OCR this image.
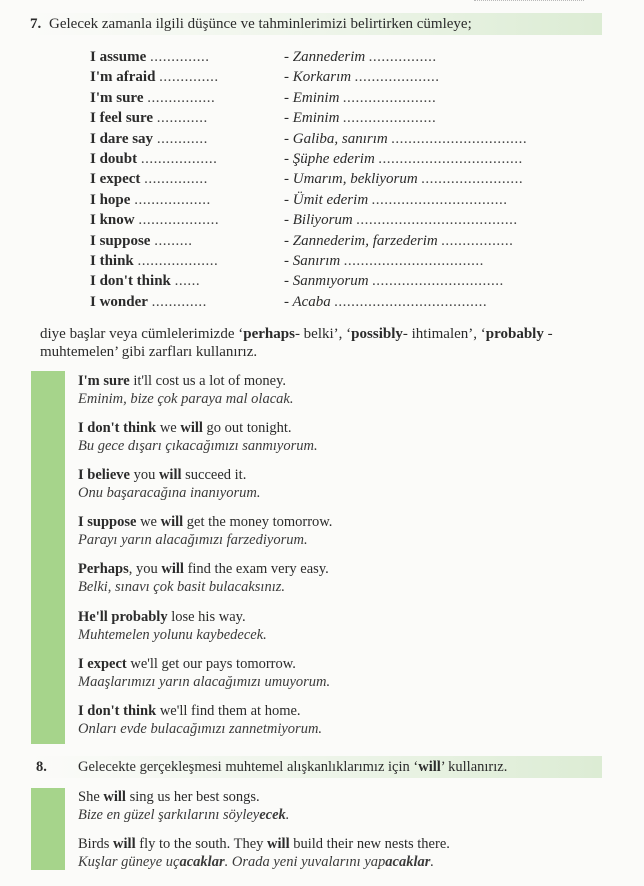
7. Gelecek zamanla ilgili düşünce ve tahminlerimizi belirtirken cümleye;
I assume ..............	- Zannederim ................
I'm afraid ..............	- Korkarım ....................
I'm sure ................	- Eminim ......................
I feel sure ............	- Eminim ......................
I dare say ............	- Galiba, sanırım ................................
I doubt ..................	- Şüphe ederim ..................................
I expect ...............	- Umarım, bekliyorum ........................
I hope ..................	- Ümit ederim ................................
I know ...................	- Biliyorum ......................................
I suppose .........	- Zannederim, farzederim .................
I think ...................	- Sanırım .................................
I don't think ......	- Sanmıyorum ...............................
I wonder .............	- Acaba ....................................
diye başlar veya cümlelerimizde ‘perhaps- belki’, ‘possibly- ihtimalen’, ‘probably - muhtemelen’ gibi zarfları kullanırız.
I'm sure it'll cost us a lot of money.
Eminim, bize çok paraya mal olacak.
I don't think we will go out tonight.
Bu gece dışarı çıkacağımızı sanmıyorum.
I believe you will succeed it.
Onu başaracağına inanıyorum.
I suppose we will get the money tomorrow.
Parayı yarın alacağımızı farzediyorum.
Perhaps, you will find the exam very easy.
Belki, sınavı çok basit bulacaksınız.
He'll probably lose his way.
Muhtemelen yolunu kaybedecek.
I expect we'll get our pays tomorrow.
Maaşlarımızı yarın alacağımızı umuyorum.
I don't think we'll find them at home.
Onları evde bulacağımızı zannetmiyorum.
8. Gelecekte gerçekleşmesi muhtemel alışkanlıklarımız için ‘will’ kullanırız.
She will sing us her best songs.
Bize en güzel şarkılarını söyleyecek.
Birds will fly to the south. They will build their new nests there.
Kuşlar güneye uçacaklar. Orada yeni yuvalarını yapacaklar.
